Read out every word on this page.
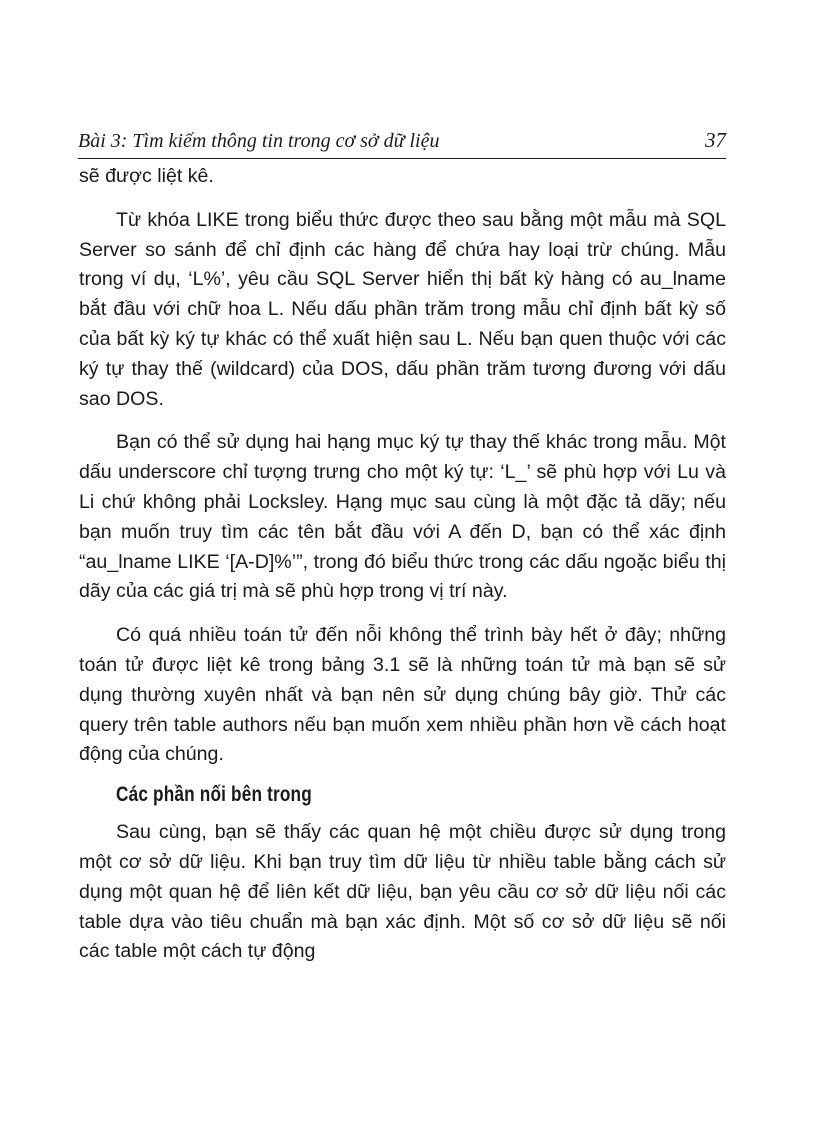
Bài 3: Tìm kiếm thông tin trong cơ sở dữ liệu	37

sẽ được liệt kê.

Từ khóa LIKE trong biểu thức được theo sau bằng một mẫu mà SQL Server so sánh để chỉ định các hàng để chứa hay loại trừ chúng. Mẫu trong ví dụ, ‘L%’, yêu cầu SQL Server hiển thị bất kỳ hàng có au_lname bắt đầu với chữ hoa L. Nếu dấu phần trăm trong mẫu chỉ định bất kỳ số của bất kỳ ký tự khác có thể xuất hiện sau L. Nếu bạn quen thuộc với các ký tự thay thế (wildcard) của DOS, dấu phần trăm tương đương với dấu sao DOS.

Bạn có thể sử dụng hai hạng mục ký tự thay thế khác trong mẫu. Một dấu underscore chỉ tượng trưng cho một ký tự: ‘L_’ sẽ phù hợp với Lu và Li chứ không phải Locksley. Hạng mục sau cùng là một đặc tả dãy; nếu bạn muốn truy tìm các tên bắt đầu với A đến D, bạn có thể xác định “au_lname LIKE ‘[A-D]%’”, trong đó biểu thức trong các dấu ngoặc biểu thị dãy của các giá trị mà sẽ phù hợp trong vị trí này.

Có quá nhiều toán tử đến nỗi không thể trình bày hết ở đây; những toán tử được liệt kê trong bảng 3.1 sẽ là những toán tử mà bạn sẽ sử dụng thường xuyên nhất và bạn nên sử dụng chúng bây giờ. Thử các query trên table authors nếu bạn muốn xem nhiều phần hơn về cách hoạt động của chúng.

Các phần nối bên trong

Sau cùng, bạn sẽ thấy các quan hệ một chiều được sử dụng trong một cơ sở dữ liệu. Khi bạn truy tìm dữ liệu từ nhiều table bằng cách sử dụng một quan hệ để liên kết dữ liệu, bạn yêu cầu cơ sở dữ liệu nối các table dựa vào tiêu chuẩn mà bạn xác định. Một số cơ sở dữ liệu sẽ nối các table một cách tự động
